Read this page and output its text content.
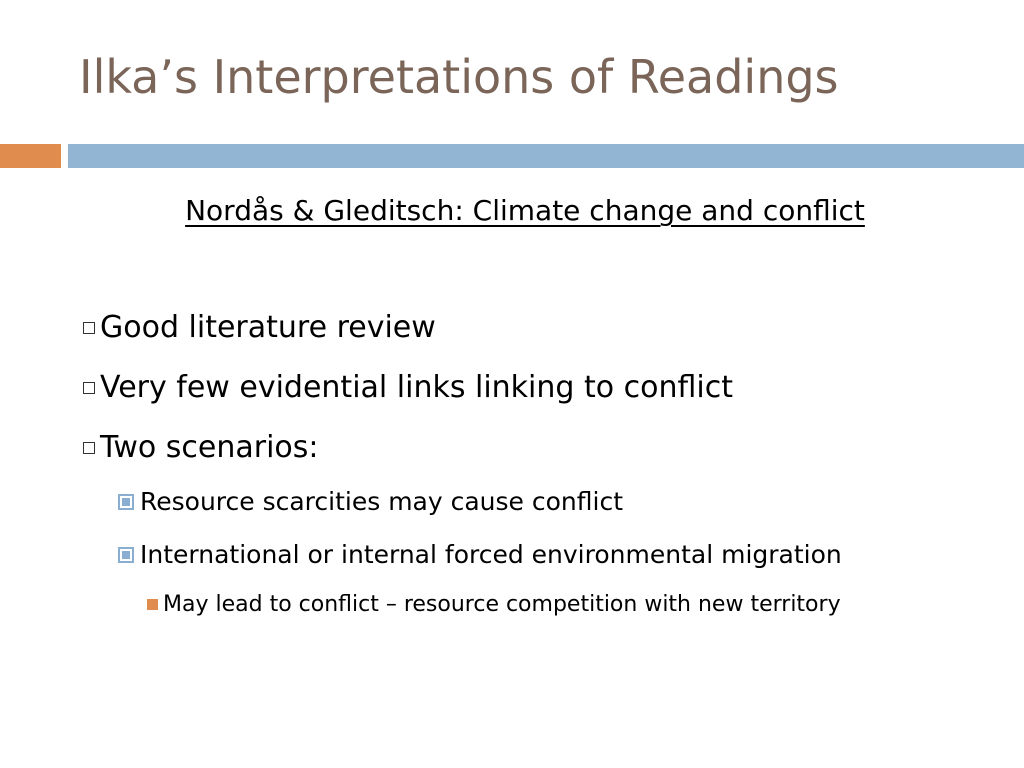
Ilka’s Interpretations of Readings
Nordås & Gleditsch: Climate change and conflict
Good literature review
Very few evidential links linking to conflict
Two scenarios:
Resource scarcities may cause conflict
International or internal forced environmental migration
May lead to conflict – resource competition with new territory
